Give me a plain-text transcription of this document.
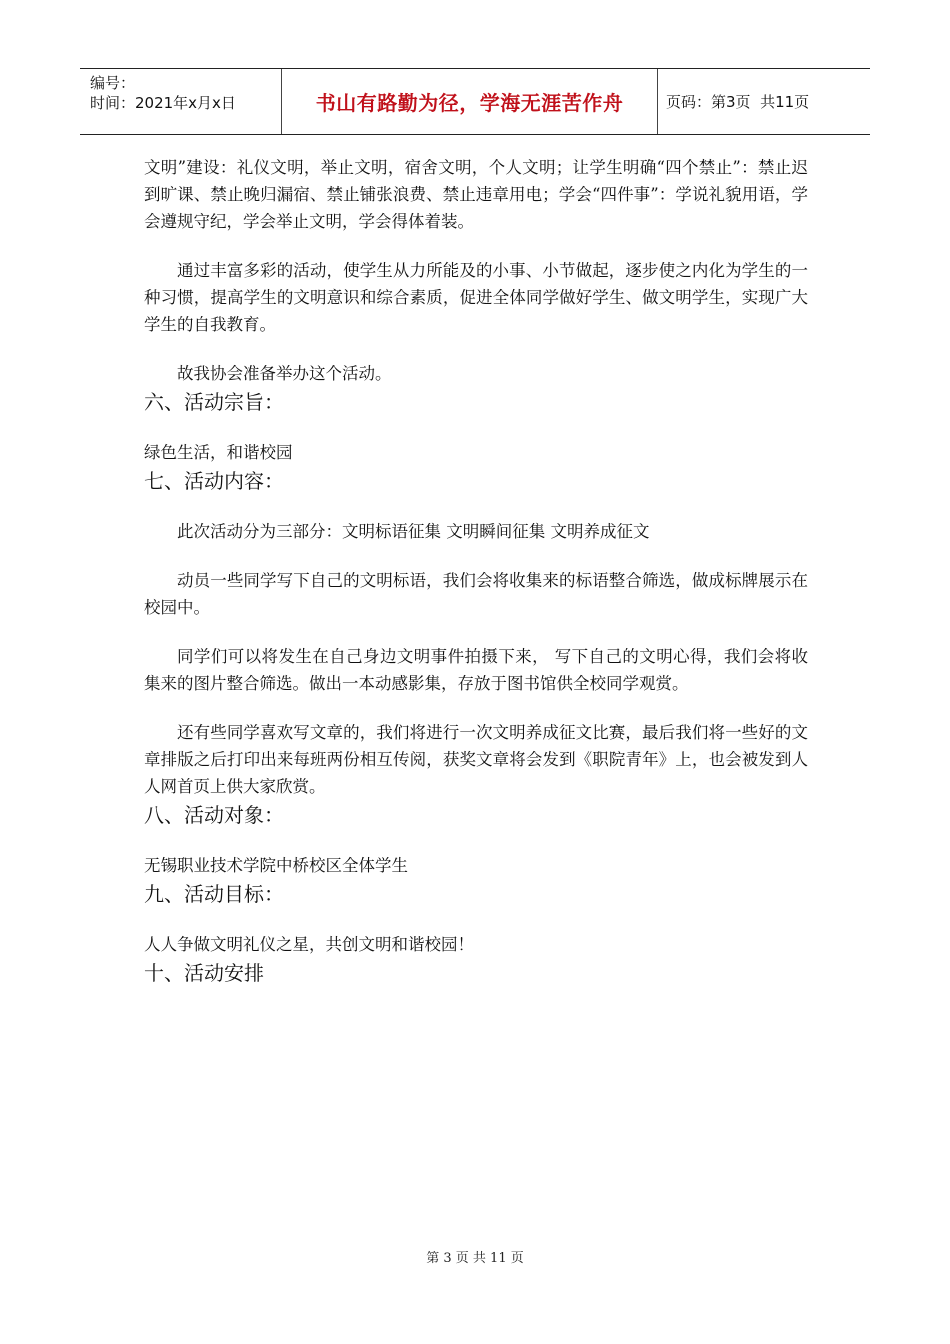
编号：
时间：2021年x月x日	书山有路勤为径，学海无涯苦作舟	页码：第3页  共11页

文明”建设：礼仪文明，举止文明，宿舍文明，个人文明；让学生明确“四个禁止”：禁止迟到旷课、禁止晚归漏宿、禁止铺张浪费、禁止违章用电；学会“四件事”：学说礼貌用语，学会遵规守纪，学会举止文明，学会得体着装。

通过丰富多彩的活动，使学生从力所能及的小事、小节做起，逐步使之内化为学生的一种习惯，提高学生的文明意识和综合素质，促进全体同学做好学生、做文明学生，实现广大学生的自我教育。

故我协会准备举办这个活动。

六、活动宗旨：

绿色生活，和谐校园

七、活动内容：

此次活动分为三部分：文明标语征集 文明瞬间征集 文明养成征文

动员一些同学写下自己的文明标语，我们会将收集来的标语整合筛选，做成标牌展示在校园中。

同学们可以将发生在自己身边文明事件拍摄下来， 写下自己的文明心得，我们会将收集来的图片整合筛选。做出一本动感影集，存放于图书馆供全校同学观赏。

还有些同学喜欢写文章的，我们将进行一次文明养成征文比赛，最后我们将一些好的文章排版之后打印出来每班两份相互传阅，获奖文章将会发到《职院青年》上，也会被发到人人网首页上供大家欣赏。

八、活动对象：

无锡职业技术学院中桥校区全体学生

九、活动目标：

人人争做文明礼仪之星，共创文明和谐校园！

十、活动安排
第 3 页 共 11 页
